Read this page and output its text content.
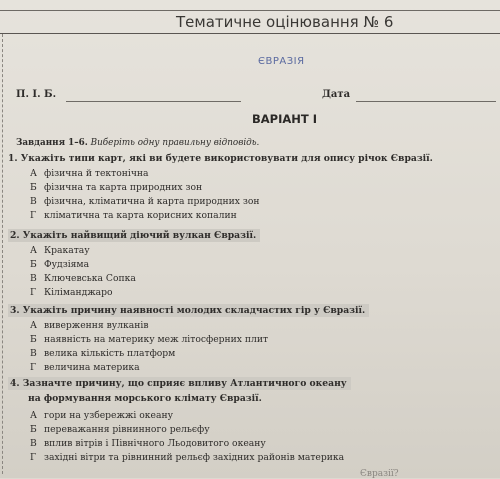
Тематичне оцінювання № 6
ЄВРАЗІЯ
П. І. Б.	Дата
ВАРІАНТ І
Завдання 1–6. Виберіть одну правильну відповідь.
1. Укажіть типи карт, які ви будете використовувати для опису річок Євразії.
А фізична й тектонічна
Б фізична та карта природних зон
В фізична, кліматична й карта природних зон
Г кліматична та карта корисних копалин
2. Укажіть найвищий діючий вулкан Євразії.
А Кракатау
Б Фудзіяма
В Ключевська Сопка
Г Кіліманджаро
3. Укажіть причину наявності молодих складчастих гір у Євразії.
А виверження вулканів
Б наявність на материку меж літосферних плит
В велика кількість платформ
Г величина материка
4. Зазначте причину, що сприяє впливу Атлантичного океану
на формування морського клімату Євразії.
А гори на узбережжі океану
Б переважання рівнинного рельєфу
В вплив вітрів і Північного Льодовитого океану
Г західні вітри та рівнинний рельєф західних районів материка
Євразії?
